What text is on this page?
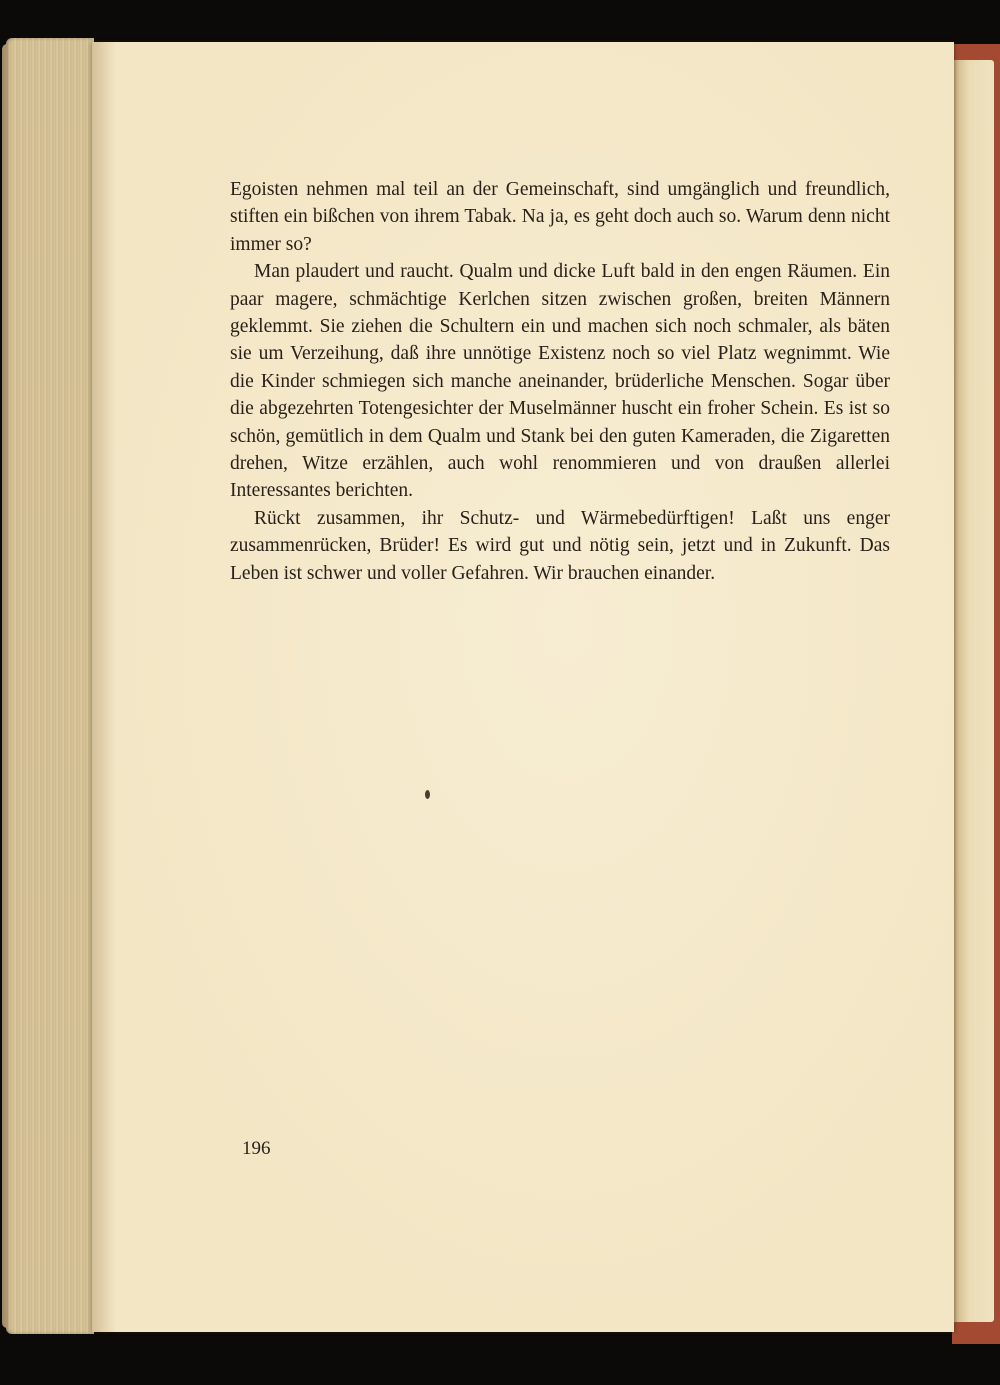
Egoisten nehmen mal teil an der Gemeinschaft, sind umgänglich und freundlich, stiften ein bißchen von ihrem Tabak. Na ja, es geht doch auch so. Warum denn nicht immer so?

Man plaudert und raucht. Qualm und dicke Luft bald in den engen Räumen. Ein paar magere, schmächtige Kerlchen sitzen zwischen großen, breiten Männern geklemmt. Sie ziehen die Schultern ein und machen sich noch schmaler, als bäten sie um Verzeihung, daß ihre unnötige Existenz noch so viel Platz wegnimmt. Wie die Kinder schmiegen sich manche aneinander, brüderliche Menschen. Sogar über die abgezehrten Totengesichter der Muselmänner huscht ein froher Schein. Es ist so schön, gemütlich in dem Qualm und Stank bei den guten Kameraden, die Zigaretten drehen, Witze erzählen, auch wohl renommieren und von draußen allerlei Interessantes berichten.

Rückt zusammen, ihr Schutz- und Wärmebedürftigen! Laßt uns enger zusammenrücken, Brüder! Es wird gut und nötig sein, jetzt und in Zukunft. Das Leben ist schwer und voller Gefahren. Wir brauchen einander.

196
